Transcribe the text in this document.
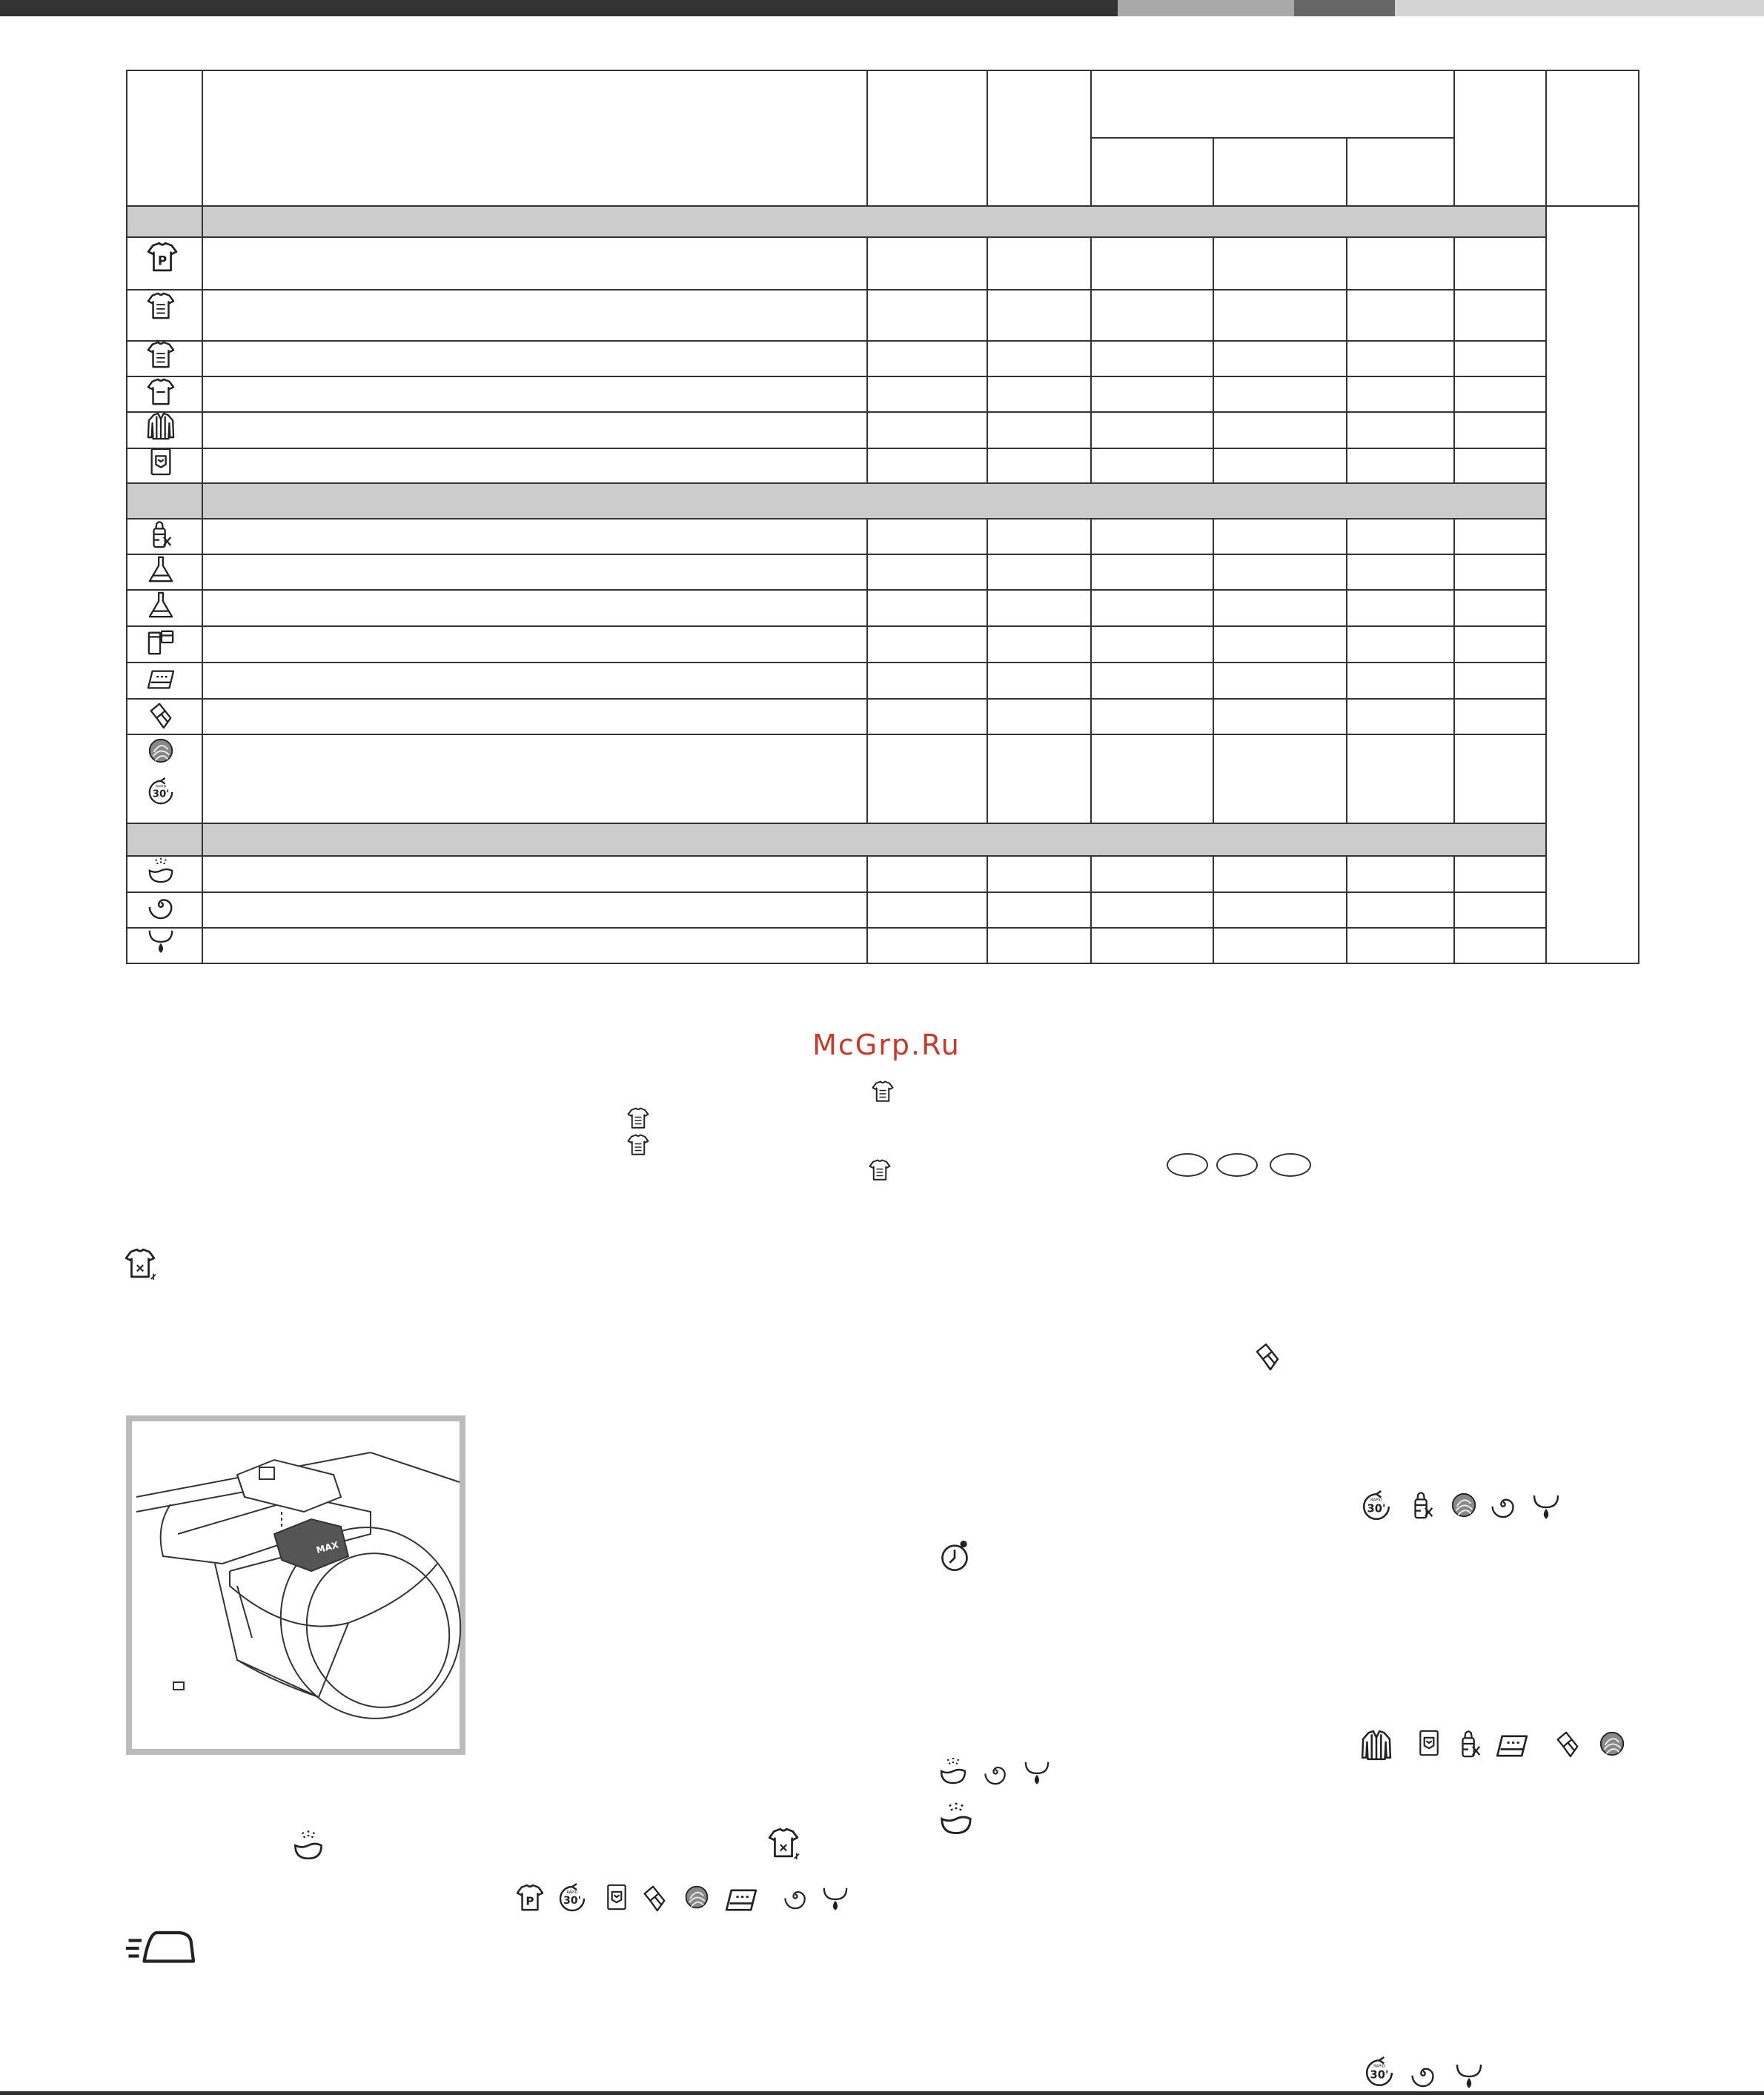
P
P
McGrp.Ru
MAX
